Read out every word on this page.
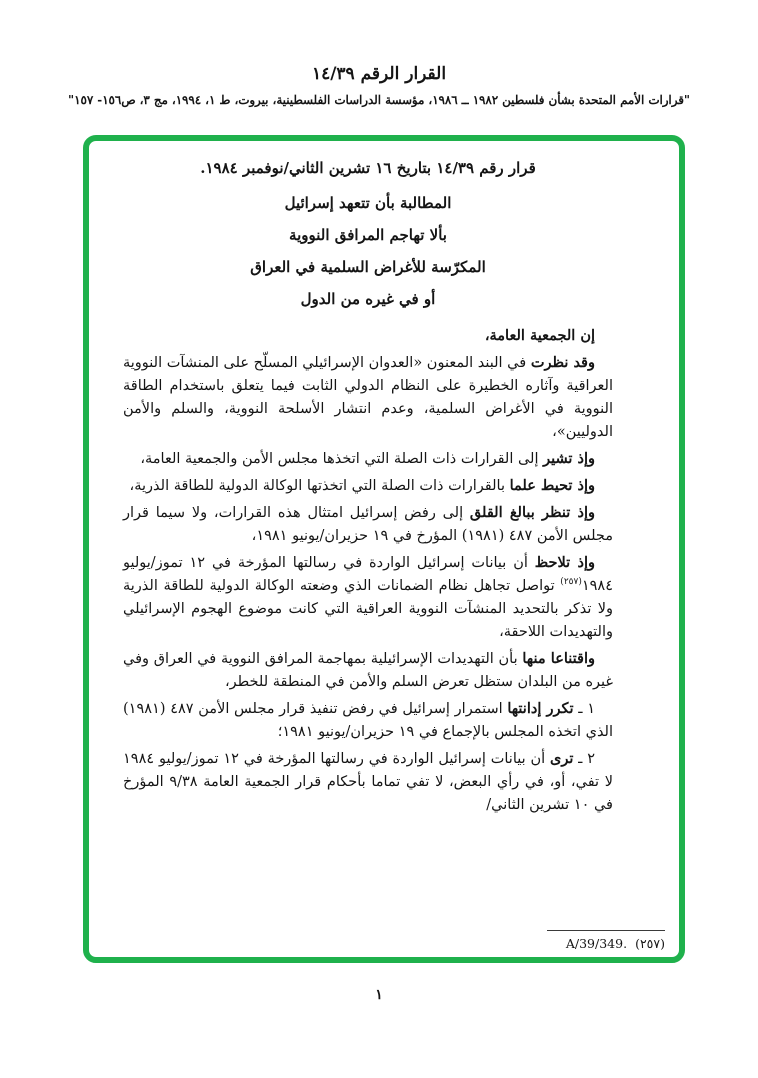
القرار الرقم ١٤/٣٩
"قرارات الأمم المتحدة بشأن فلسطين ١٩٨٢ ــ ١٩٨٦، مؤسسة الدراسات الفلسطينية، بيروت، ط ١، ١٩٩٤، مج ٣، ص١٥٦- ١٥٧"
قرار رقم ١٤/٣٩ بتاريخ ١٦ تشرين الثاني/نوفمبر ١٩٨٤.
المطالبة بأن تتعهد إسرائيل
بألا تهاجم المرافق النووية
المكرّسة للأغراض السلمية في العراق
أو في غيره من الدول

إن الجمعية العامة،

وقد نظرت في البند المعنون «العدوان الإسرائيلي المسلّح على المنشآت النووية العراقية وآثاره الخطيرة على النظام الدولي الثابت فيما يتعلق باستخدام الطاقة النووية في الأغراض السلمية، وعدم انتشار الأسلحة النووية، والسلم والأمن الدوليين»،

وإذ تشير إلى القرارات ذات الصلة التي اتخذها مجلس الأمن والجمعية العامة،

وإذ تحيط علما بالقرارات ذات الصلة التي اتخذتها الوكالة الدولية للطاقة الذرية،

وإذ تنظر ببالغ القلق إلى رفض إسرائيل امتثال هذه القرارات، ولا سيما قرار مجلس الأمن ٤٨٧ (١٩٨١) المؤرخ في ١٩ حزيران/يونيو ١٩٨١،

وإذ تلاحظ أن بيانات إسرائيل الواردة في رسالتها المؤرخة في ١٢ تموز/يوليو ١٩٨٤$^{(٢٥٧)}$ تواصل تجاهل نظام الضمانات الذي وضعته الوكالة الدولية للطاقة الذرية ولا تذكر بالتحديد المنشآت النووية العراقية التي كانت موضوع الهجوم الإسرائيلي والتهديدات اللاحقة،

واقتناعا منها بأن التهديدات الإسرائيلية بمهاجمة المرافق النووية في العراق وفي غيره من البلدان ستظل تعرض السلم والأمن في المنطقة للخطر،

١ ـ تكرر إدانتها استمرار إسرائيل في رفض تنفيذ قرار مجلس الأمن ٤٨٧ (١٩٨١) الذي اتخذه المجلس بالإجماع في ١٩ حزيران/يونيو ١٩٨١؛

٢ ـ ترى أن بيانات إسرائيل الواردة في رسالتها المؤرخة في ١٢ تموز/يوليو ١٩٨٤ لا تفي، أو، في رأي البعض، لا تفي تماما بأحكام قرار الجمعية العامة ٩/٣٨ المؤرخ في ١٠ تشرين الثاني/

(٢٥٧)A/39/349.
١
